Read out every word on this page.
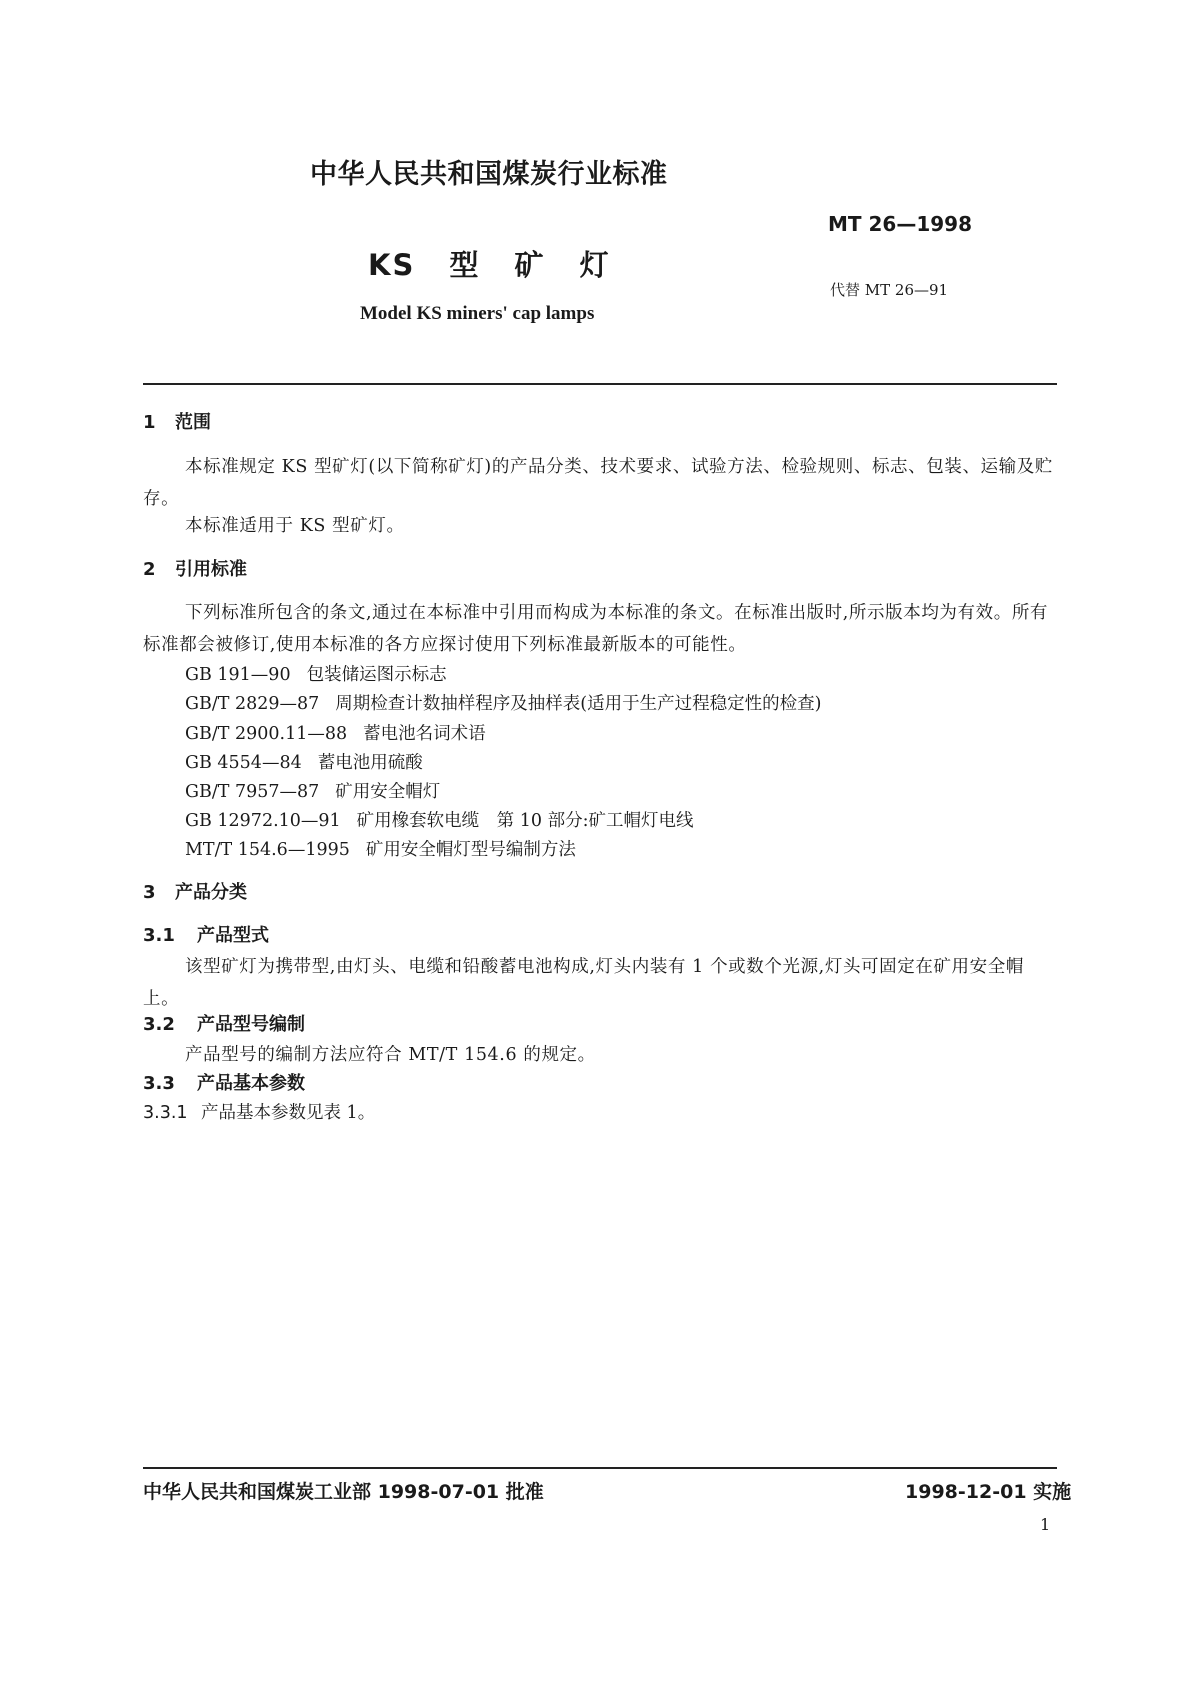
中华人民共和国煤炭行业标准
MT 26—1998
KS 型 矿 灯
代替 MT 26—91
Model KS miners' cap lamps
1 范围
本标准规定 KS 型矿灯(以下简称矿灯)的产品分类、技术要求、试验方法、检验规则、标志、包装、运输及贮存。
本标准适用于 KS 型矿灯。
2 引用标准
下列标准所包含的条文,通过在本标准中引用而构成为本标准的条文。在标准出版时,所示版本均为有效。所有标准都会被修订,使用本标准的各方应探讨使用下列标准最新版本的可能性。
GB 191—90 包装储运图示标志
GB/T 2829—87 周期检查计数抽样程序及抽样表(适用于生产过程稳定性的检查)
GB/T 2900.11—88 蓄电池名词术语
GB 4554—84 蓄电池用硫酸
GB/T 7957—87 矿用安全帽灯
GB 12972.10—91 矿用橡套软电缆　第 10 部分:矿工帽灯电线
MT/T 154.6—1995 矿用安全帽灯型号编制方法
3 产品分类
3.1 产品型式
该型矿灯为携带型,由灯头、电缆和铅酸蓄电池构成,灯头内装有 1 个或数个光源,灯头可固定在矿用安全帽上。
3.2 产品型号编制
产品型号的编制方法应符合 MT/T 154.6 的规定。
3.3 产品基本参数
3.3.1 产品基本参数见表 1。
中华人民共和国煤炭工业部 1998-07-01 批准	1998-12-01 实施
1
